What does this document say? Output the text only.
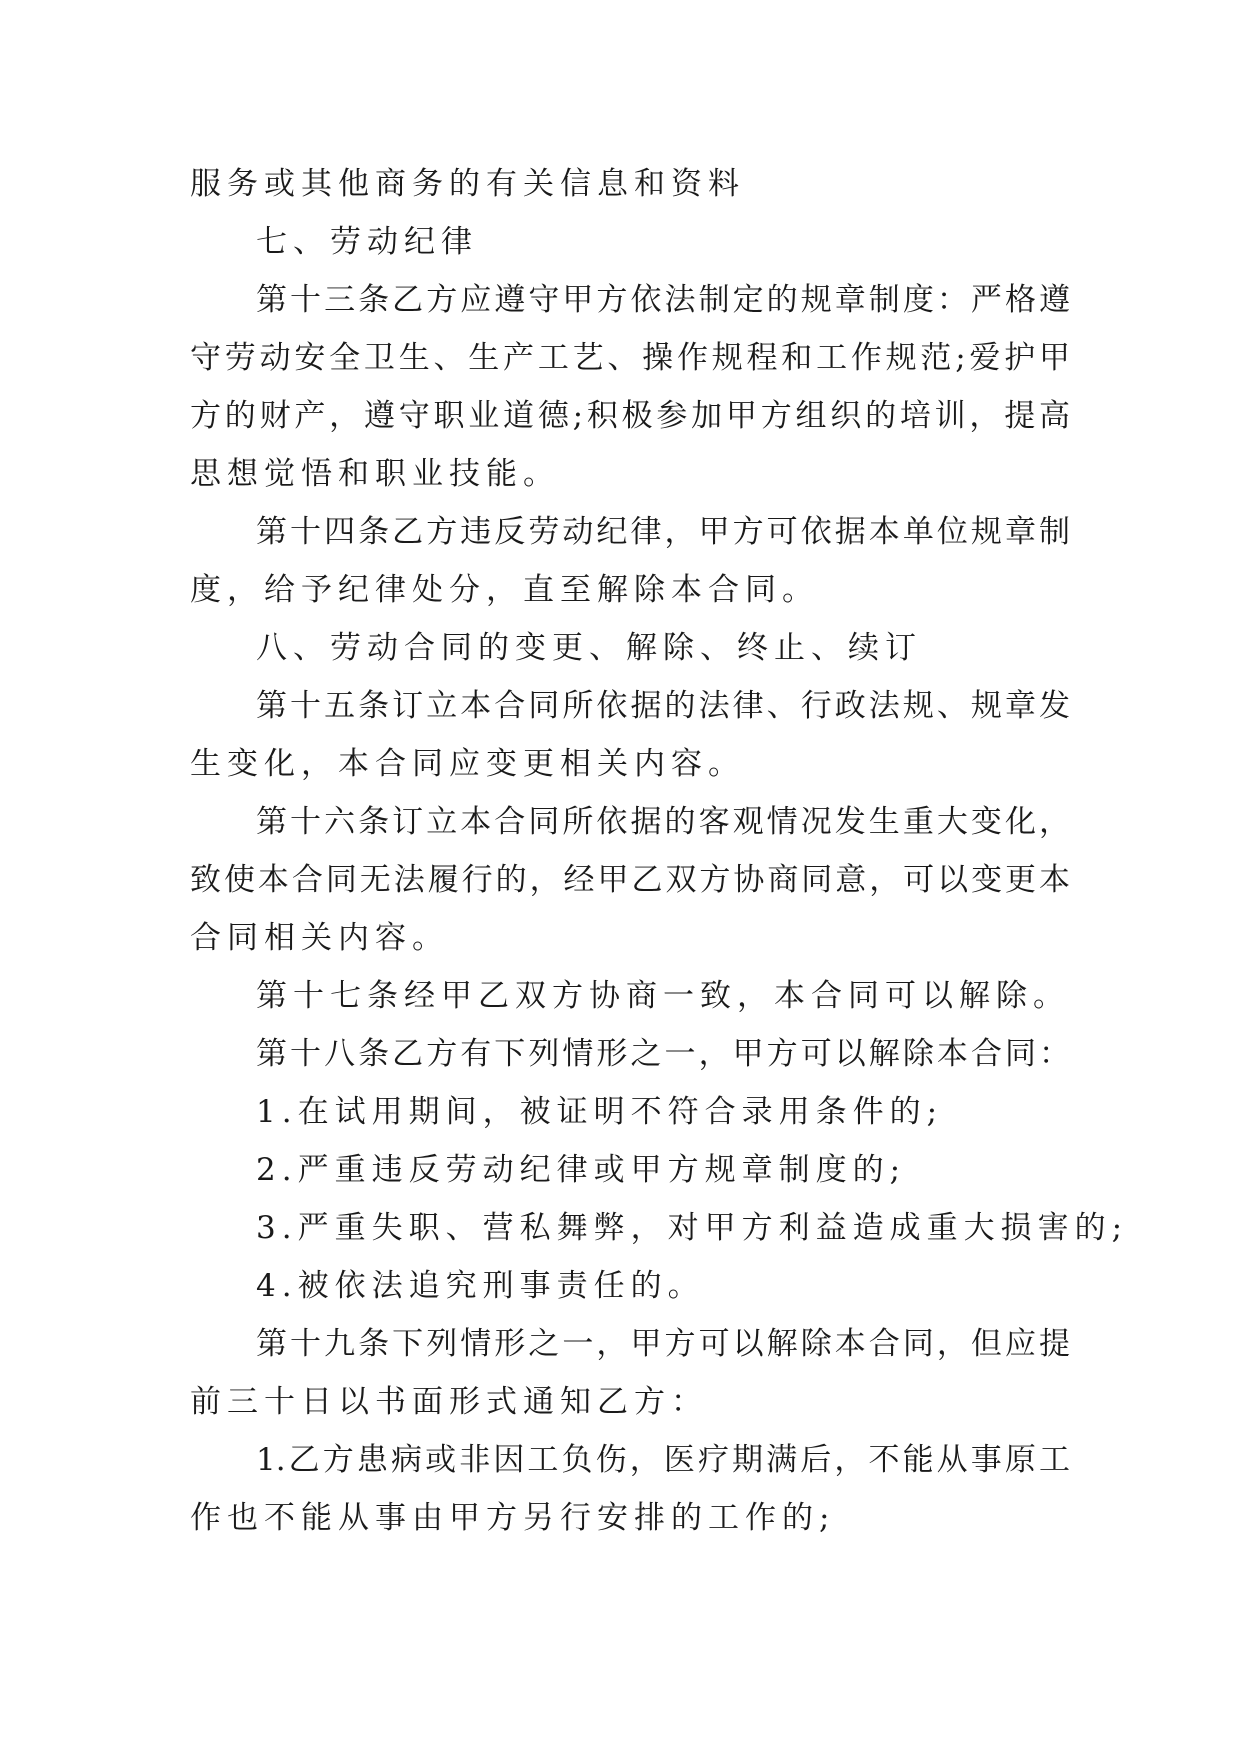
服务或其他商务的有关信息和资料
七、劳动纪律
第十三条乙方应遵守甲方依法制定的规章制度：严格遵
守劳动安全卫生、生产工艺、操作规程和工作规范;爱护甲
方的财产，遵守职业道德;积极参加甲方组织的培训，提高
思想觉悟和职业技能。
第十四条乙方违反劳动纪律，甲方可依据本单位规章制
度，给予纪律处分，直至解除本合同。
八、劳动合同的变更、解除、终止、续订
第十五条订立本合同所依据的法律、行政法规、规章发
生变化，本合同应变更相关内容。
第十六条订立本合同所依据的客观情况发生重大变化，
致使本合同无法履行的，经甲乙双方协商同意，可以变更本
合同相关内容。
第十七条经甲乙双方协商一致，本合同可以解除。
第十八条乙方有下列情形之一，甲方可以解除本合同：
1.在试用期间，被证明不符合录用条件的;
2.严重违反劳动纪律或甲方规章制度的;
3.严重失职、营私舞弊，对甲方利益造成重大损害的;
4.被依法追究刑事责任的。
第十九条下列情形之一，甲方可以解除本合同，但应提
前三十日以书面形式通知乙方：
1.乙方患病或非因工负伤，医疗期满后，不能从事原工
作也不能从事由甲方另行安排的工作的;
